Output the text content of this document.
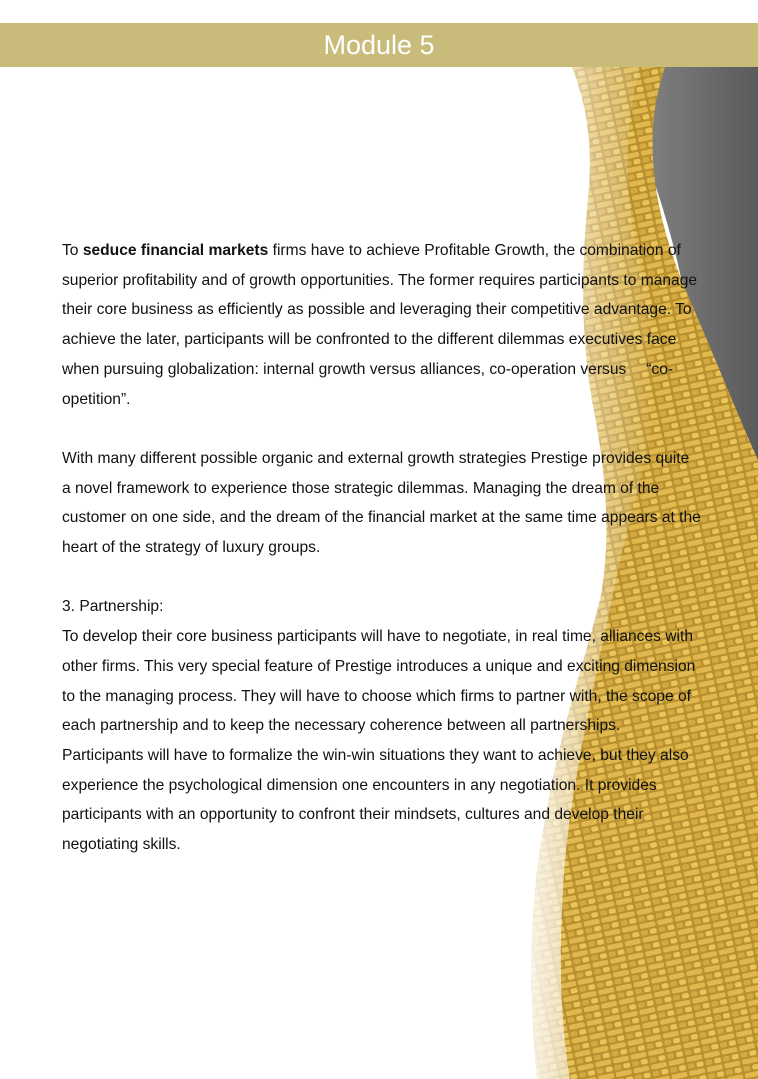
Module 5

To seduce financial markets firms have to achieve Profitable Growth, the combination of superior profitability and of growth opportunities. The former requires participants to manage their core business as efficiently as possible and leveraging their competitive advantage. To achieve the later, participants will be confronted to the different dilemmas executives face when pursuing globalization: internal growth versus alliances, co-operation versus 　“co-opetition”.

With many different possible organic and external growth strategies Prestige provides quite a novel framework to experience those strategic dilemmas. Managing the dream of the customer on one side, and the dream of the financial market at the same time appears at the heart of the strategy of luxury groups.

3. Partnership:

To develop their core business participants will have to negotiate, in real time, alliances with other firms. This very special feature of Prestige introduces a unique and exciting dimension to the managing process. They will have to choose which firms to partner with, the scope of each partnership and to keep the necessary coherence between all partnerships. Participants will have to formalize the win-win situations they want to achieve, but they also

experience the psychological dimension one encounters in any negotiation. It provides participants with an opportunity to confront their mindsets, cultures and develop their negotiating skills.
